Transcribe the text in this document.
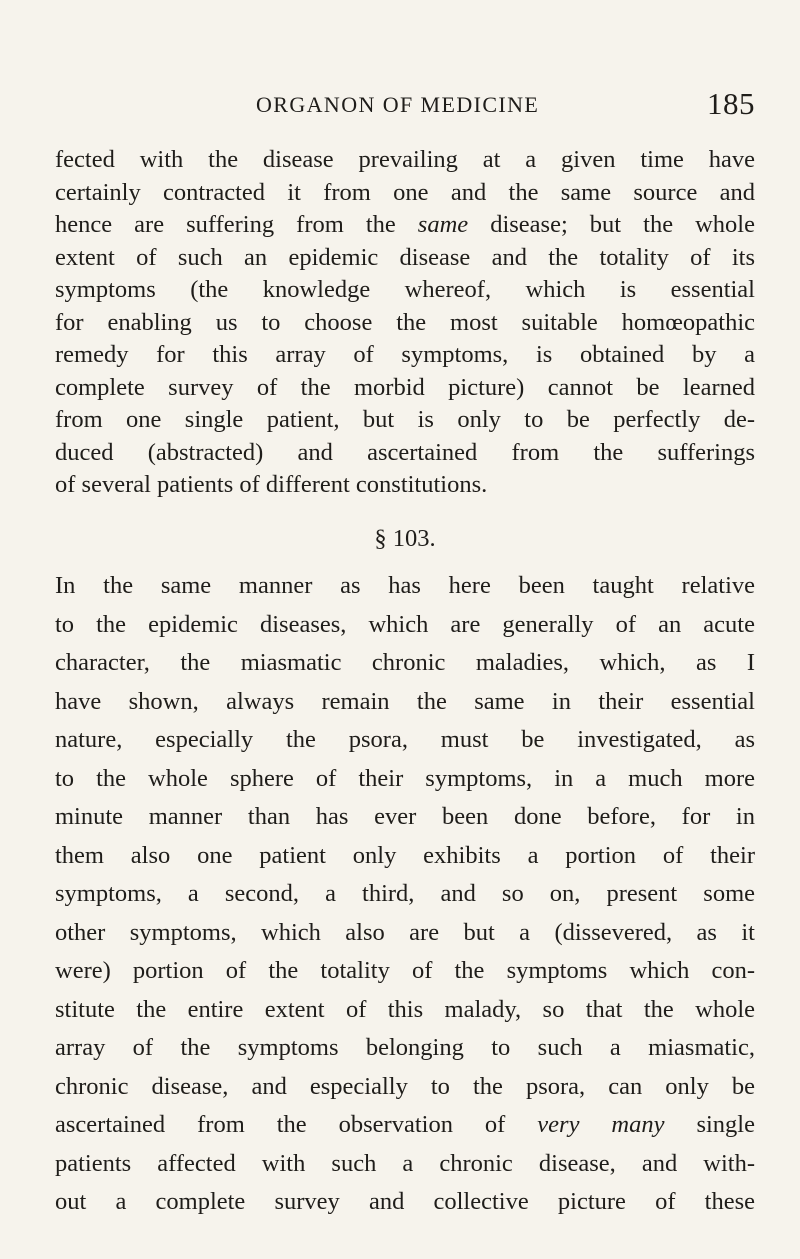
ORGANON OF MEDICINE	185
fected with the disease prevailing at a given time have
certainly contracted it from one and the same source and
hence are suffering from the same disease; but the whole
extent of such an epidemic disease and the totality of its
symptoms (the knowledge whereof, which is essential
for enabling us to choose the most suitable homœopathic
remedy for this array of symptoms, is obtained by a
complete survey of the morbid picture) cannot be learned
from one single patient, but is only to be perfectly de-
duced (abstracted) and ascertained from the sufferings
of several patients of different constitutions.
§ 103.
In the same manner as has here been taught relative
to the epidemic diseases, which are generally of an acute
character, the miasmatic chronic maladies, which, as I
have shown, always remain the same in their essential
nature, especially the psora, must be investigated, as
to the whole sphere of their symptoms, in a much more
minute manner than has ever been done before, for in
them also one patient only exhibits a portion of their
symptoms, a second, a third, and so on, present some
other symptoms, which also are but a (dissevered, as it
were) portion of the totality of the symptoms which con-
stitute the entire extent of this malady, so that the whole
array of the symptoms belonging to such a miasmatic,
chronic disease, and especially to the psora, can only be
ascertained from the observation of very many single
patients affected with such a chronic disease, and with-
out a complete survey and collective picture of these
